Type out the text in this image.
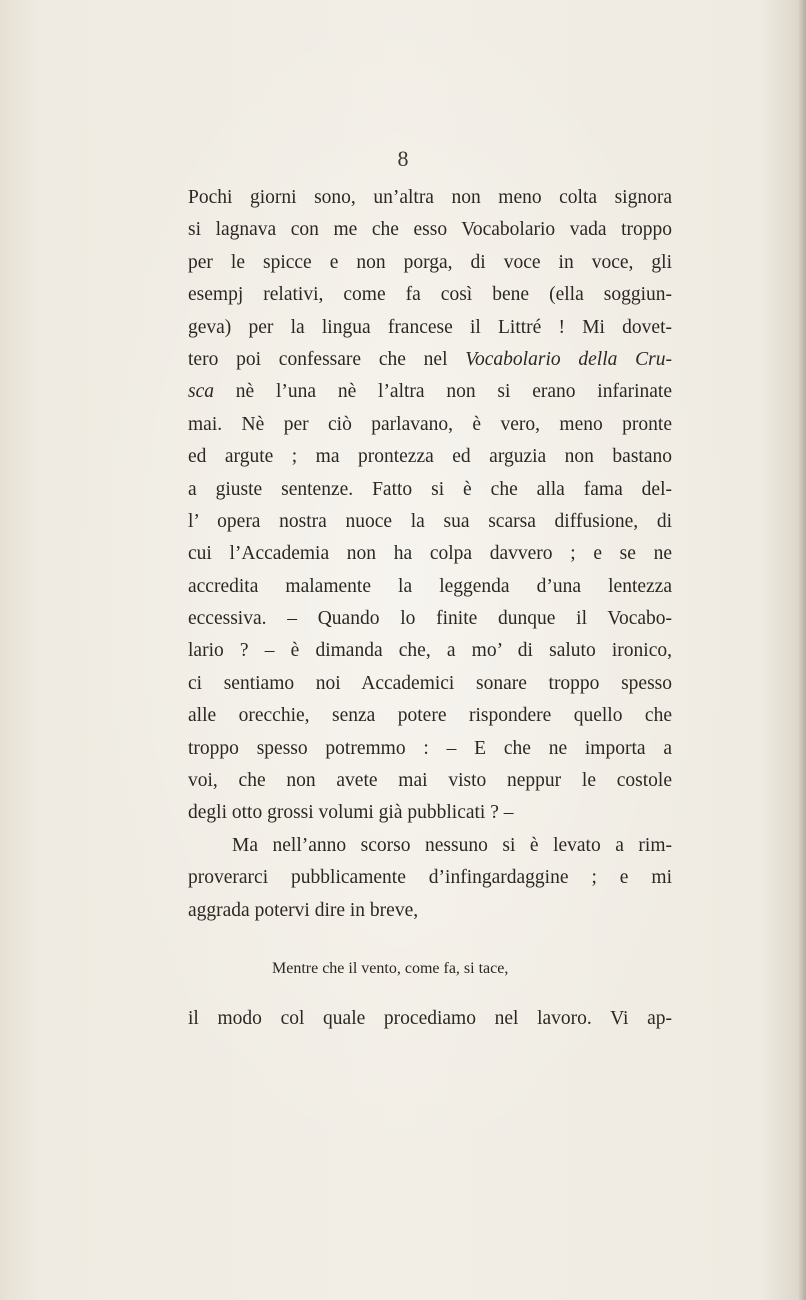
8
Pochi giorni sono, un’altra non meno colta signora
si lagnava con me che esso Vocabolario vada troppo
per le spicce e non porga, di voce in voce, gli
esempj relativi, come fa così bene (ella soggiun-
geva) per la lingua francese il Littré ! Mi dovet-
tero poi confessare che nel Vocabolario della Cru-
sca nè l’una nè l’altra non si erano infarinate
mai. Nè per ciò parlavano, è vero, meno pronte
ed argute ; ma prontezza ed arguzia non bastano
a giuste sentenze. Fatto si è che alla fama del-
l’ opera nostra nuoce la sua scarsa diffusione, di
cui l’Accademia non ha colpa davvero ; e se ne
accredita malamente la leggenda d’una lentezza
eccessiva. – Quando lo finite dunque il Vocabo-
lario ? – è dimanda che, a mo’ di saluto ironico,
ci sentiamo noi Accademici sonare troppo spesso
alle orecchie, senza potere rispondere quello che
troppo spesso potremmo : – E che ne importa a
voi, che non avete mai visto neppur le costole
degli otto grossi volumi già pubblicati ? –
Ma nell’anno scorso nessuno si è levato a rim-
proverarci pubblicamente d’infingardaggine ; e mi
aggrada potervi dire in breve,
Mentre che il vento, come fa, si tace,
il modo col quale procediamo nel lavoro. Vi ap-
